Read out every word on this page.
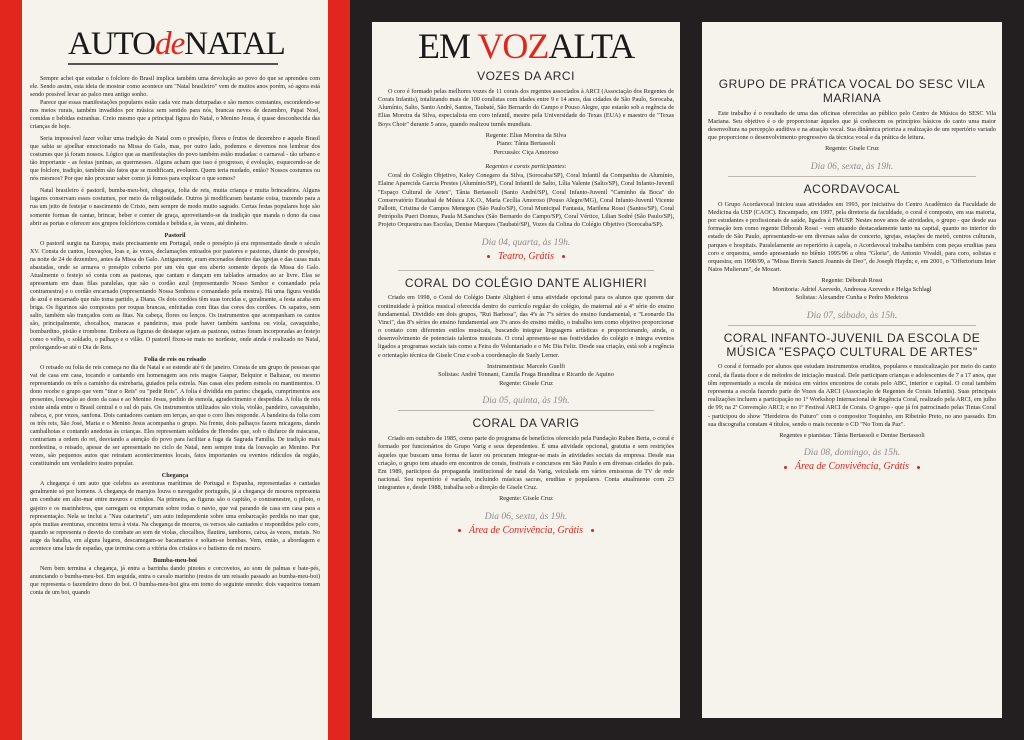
AUTOdeNATAL

Sempre achei que estudar o folclore do Brasil implica também uma devolução ao povo do que se aprendeu com ele. Sendo assim, esta ideia de mostrar como acontece um "Natal brasileiro" vem de muitos anos porém, só agora está sendo possível levar ao palco meu antigo sonho.

Parece que essas manifestações populares estão cada vez mais deturpadas e são menos constantes, escondendo-se nos meios rurais, também invadidos por música sem sentido para nós, brancas neves de dezembro, Papai Noel, comidas e bebidas estranhas. Creio mesmo que a principal figura do Natal, o Menino Jesus, é quase desconhecida das crianças de hoje.

Seria impossível fazer voltar uma tradição de Natal com o presépio, flores e frutos de dezembro e aquele Brasil que sabia se ajoelhar emocionado na Missa do Galo, mas, por outro lado, podemos e devemos nos lembrar dos costumes que já foram nossos. Lógico que as manifestações do povo também estão mudadas: o carnaval - tão urbano e tão importante - as festas juninas, as quermesses. Alguns acham que isso é progresso, é evolução, esquecendo-se de que folclore, tradição, também são fatos que se modificam, evoluem. Quem teria mudado, então? Nossos costumes ou nós mesmos? Por que não procurar saber como já fomos para explicar o que somos?

Natal brasileiro é pastoril, bumba-meu-boi, chegança, folia de reis, muita criança e muita brincadeira. Alguns lugares conservam esses costumes, por meio da religiosidade. Outros já modificaram bastante coisa, trazendo para a rua um jeito de festejar o nascimento de Cristo, nem sempre de modo muito sagrado. Certas festas populares hoje são somente formas de cantar, brincar, beber e comer de graça, aproveitando-se da tradição que manda o dono da casa abrir as portas e oferecer aos grupos folclóricos comida e bebida e, às vezes, até dinheiro.

Pastoril

O pastoril surgiu na Europa, mais precisamente em Portugal, onde o presépio já era representado desde o século XV. Consta de cantos, louvações, loas e, às vezes, declamações entoados por pastores e pastoras, diante do presépio, na noite de 24 de dezembro, antes da Missa do Galo. Antigamente, eram encenados dentro das igrejas e das casas mais abastadas, onde se armava o presépio coberto por um véu que era aberto somente depois da Missa do Galo. Atualmente o festejo só conta com as pastoras, que cantam e dançam em tablados armados ao ar livre. Elas se apresentam em duas filas paralelas, que são o cordão azul (representando Nosso Senhor e comandado pela contramestra) e o cordão encarnado (representando Nossa Senhora e comandado pela mestra). Há uma figura vestida de azul e encarnado que não toma partido, a Diana. Os dois cordões têm suas torcidas e, geralmente, a festa acaba em briga. Os figurinos são compostos por roupas brancas, enfeitadas com fitas das cores dos cordões. Os sapatos, sem salto, também são trançados com as fitas. Na cabeça, flores ou lenços. Os instrumentos que acompanham os cantos são, principalmente, chocalhos, maracas e pandeiros, mas pode haver também sanfona ou viola, cavaquinho, bombardino, pistão e trombone. Embora as figuras de destaque sejam as pastoras, outras foram incorporadas ao festejo como o velho, o soldado, o palhaço e o vilão. O pastoril fixou-se mais no nordeste, onde ainda é realizado no Natal, prolongando-se até o Dia de Reis.

Folia de reis ou reisado

O reisado ou folia de reis começa no dia de Natal e se estende até 6 de janeiro. Consta de um grupo de pessoas que vai de casa em casa, tocando e cantando em homenagem aos reis magos Gaspar, Belquior e Baltazar, ou mesmo representando os três a caminho da estrebaria, guiados pela estrela. Nas casas eles pedem esmola ou mantimentos. O dono recebe o grupo que vem "tirar o Reis" ou "pedir Reis". A folia é dividida em partes: chegada, cumprimentos aos presentes, louvação ao dono da casa e ao Menino Jesus, pedido de esmola, agradecimento e despedida. A folia de reis existe ainda entre o Brasil central e o sul do país. Os instrumentos utilizados são viola, violão, pandeiro, cavaquinho, rabeca, e, por vezes, sanfona. Dois cantadores cantam em terças, ao que o coro lhes responde. A bandeira da folia com os três reis, São José, Maria e o Menino Jesus acompanha o grupo. Na frente, dois palhaços fazem micagens, dando cambalhotas e contando anedotas às crianças. Eles representam soldados de Herodes que, sob o disfarce de máscaras, contrariam a ordem do rei, desviando a atenção do povo para facilitar a fuga da Sagrada Família. De tradição mais nordestina, o reisado, apesar de ser apresentado no ciclo de Natal, nem sempre trata da louvação ao Menino. Por vezes, são pequenos autos que retratam acontecimentos locais, fatos importantes ou eventos ridículos da região, constituindo um verdadeiro teatro popular.

Chegança

A chegança é um auto que celebra as aventuras marítimas de Portugal e Espanha, representadas e cantadas geralmente só por homens. A chegança de marujos louva o navegador português, já a chegança de mouros representa um combate em alto-mar entre mouros e cristãos. Na primeira, as figuras são o capitão, o contramestre, o piloto, o gajeiro e os marinheiros, que carregam ou empurram sobre rodas o navio, que vai parando de casa em casa para a representação. Nela se inclui a "Nau catarineta", um auto independente sobre uma embarcação perdida no mar que, após muitas aventuras, encontra terra à vista. Na chegança de mouros, os versos são cantados e respondidos pelo coro, quando se representa o desvio do combate ao som de violas, chocalhos, flautins, tambores, caixa, às vezes, metais. No auge da batalha, em alguns lugares, descamegam-se bacamartes e soltam-se bombas. Vem, então, a abordagem e acontece uma luta de espadas, que termina com a vitória dos cristãos e o batismo de rei mouro.

Bumba-meu-boi

Nem bem termina a chegança, já entra a barrinha dando pinotes e corcoveios, ao som de palmas e bate-pés, anunciando o bumba-meu-boi. Em seguida, entra o cavalo marinho (restos de um reisado passado ao bumba-meu-boi) que representa o fazendeiro dono do boi. O bumba-meu-boi gira em torno do seguinte enredo: dois vaqueiros tomam conta de um boi, quando

EM VOZALTA
VOZES DA ARCI

O coro é formado pelas melhores vozes de 11 corais dos regentes associados à ARCI (Associação dos Regentes de Corais Infantis), totalizando mais de 100 coralistas com idades entre 9 e 14 anos, das cidades de São Paulo, Sorocaba, Alumínio, Salto, Santo André, Santos, Taubaté, São Bernardo do Campo e Pouso Alegre, que estarão sob a regência de Elias Moreira da Silva, especialista em coro infantil, mestre pela Universidade do Texas (EUA) e maestro de "Texas Boys Choir" durante 5 anos, quando realizou turnês mundiais.

Regente: Elias Moreira da Silva
Piano: Tânia Bertassoli
Percussão: Ciça Amoroso
Regentes e corais participantes:

Coral do Colégio Objetivo, Keley Conegero da Silva, (Sorocaba/SP), Coral Infantil da Companhia de Alumínio, Elaine Aparecida Garcia Prestes (Alumínio/SP), Coral Infantil de Salto, Lília Valente (Salto/SP), Coral Infanto-Juvenil "Espaço Cultural de Artes", Tânia Bertassoli (Santo André/SP), Coral Infanto-Juvenil "Caminho da Boca" do Conservatório Estadual de Música J.K.O., Maria Cecília Amoroso (Pouso Alegre/MG), Coral Infanto-Juvenil Vicente Pallotti, Cristina de Campos Menegon (São Paulo/SP), Coral Municipal Fantasia, Marilena Rossi (Santos/SP), Coral Petrópolis Pueri Domus, Paula M.Sanches (São Bernardo do Campo/SP), Coral Vértice, Lilian Sodré (São Paulo/SP), Projeto Orquestra nas Escolas, Denise Marques (Taubaté/SP), Vozes da Colina do Colégio Objetivo (Sorocaba/SP).

Dia 04, quarta, às 19h.
Teatro, Grátis
CORAL DO COLÉGIO DANTE ALIGHIERI

Criado em 1998, o Coral do Colégio Dante Alighieri é uma atividade opcional para os alunos que querem dar continuidade à prática musical oferecida dentro do currículo regular do colégio, do maternal até a 4ª série do ensino fundamental. Dividido em dois grupos, "Rui Barbosa", das 4ªs às 7ªs séries do ensino fundamental, e "Leonardo Da Vinci", das 8ªs séries do ensino fundamental aos 3ºs anos do ensino médio, o trabalho tem como objetivo proporcionar o contato com diferentes estilos musicais, buscando integrar linguagens artísticas e proporcionando, ainda, o desenvolvimento de potenciais talentos musicais. O coral apresenta-se nas festividades do colégio e integra eventos ligados a programas sociais tais como a Feira do Voluntariado e o Mc Dia Feliz. Desde sua criação, está sob a regência e orientação técnica de Gisele Cruz e sob a coordenação de Suely Lerner.

Instrumentista: Marcelo Guelfi
Solistas: André Tonnani, Camila Fraga Brandina e Ricardo de Aquino
Regente: Gisele Cruz
Dia 05, quinta, às 19h.
CORAL DA VARIG

Criado em outubro de 1985, como parte do programa de benefícios oferecido pela Fundação Ruben Berta, o coral é formado por funcionários do Grupo Varig e seus dependentes. É uma atividade opcional, gratuita e sem restrições àqueles que buscam uma forma de lazer ou procuram integrar-se mais às atividades sociais da empresa. Desde sua criação, o grupo tem atuado em encontros de corais, festivais e concursos em São Paulo e em diversas cidades do país. Em 1989, participou da propaganda institucional de natal da Varig, veiculada em vários emissoras de TV de rede nacional. Seu repertório é variado, incluindo músicas sacras, eruditas e populares. Conta atualmente com 23 integrantes e, desde 1988, trabalha sob a direção de Gisele Cruz.

Regente: Gisele Cruz
Dia 06, sexta, às 19h.
Área de Convivência, Grátis
GRUPO DE PRÁTICA VOCAL DO SESC VILA MARIANA

Este trabalho é o resultado de uma das oficinas oferecidas ao público pelo Centro de Música do SESC Vila Mariana. Seu objetivo é o de proporcionar àqueles que já conhecem os princípios básicos do canto uma maior desenvoltura na percepção auditiva e na atuação vocal. Sua dinâmica prioriza a realização de um repertório variado que proporcione o desenvolvimento progressivo da técnica vocal e da prática de leitura.

Regente: Gisele Cruz
Dia 06, sexta, às 19h.
ACORDAVOCAL

O Grupo Acordavocal iniciou suas atividades em 1993, por iniciativa do Centro Acadêmico da Faculdade de Medicina da USP (CAOC). Encampado, em 1997, pela diretoria da faculdade, o coral é composto, em sua maioria, por estudantes e profissionais de saúde, ligados à FMUSP. Nestes nove anos de atividades, o grupo - que desde sua formação tem como regente Déborah Rossi - vem atuando destacadamente tanto na capital, quanto no interior do estado de São Paulo, apresentando-se em diversas salas de concerto, igrejas, estações de metrô, centros culturais, parques e hospitais. Paralelamente ao repertório à capela, o Acordavocal trabalha também com peças eruditas para coro e orquestra, sendo apresentado no biênio 1995/96 a obra "Gloria", de Antonio Vivaldi, para coro, solistas e orquestra; em 1998/99, a "Missa Brevis Sancti Joannis de Deo", de Joseph Haydn; e, em 2001, o "Offertorium Inter Natos Mulierum", de Mozart.

Regente: Déborah Rossi
Monitoria: Adriel Azevedo, Andressa Azevedo e Helga Schlagl
Solistas: Alexandre Cunha e Pedro Medeiros
Dia 07, sábado, às 15h.
CORAL INFANTO-JUVENIL DA ESCOLA DE MÚSICA "ESPAÇO CULTURAL DE ARTES"

O coral é formado por alunos que estudam instrumentos eruditos, populares e musicalização por meio do canto coral, da flauta doce e de métodos de iniciação musical. Dele participam crianças e adolescentes de 7 a 17 anos, que têm representado a escola de música em vários encontros de corais pelo ABC, interior e capital. O coral também representa a escola fazendo parte do Vozes da ARCI (Associação de Regentes de Corais Infantis). Suas principais realizações incluem a participação no 1º Workshop Internacional de Regência Coral, realizado pela ARCI, em julho de 99; na 2ª Convenção ARCI; e no 1º Festival ARCI de Corais. O grupo - que já foi patrocinado pelas Tintas Coral - participou do show "Herdeiros do Futuro" com o compositor Toquinho, em Ribeirão Preto, no ano passado. Em sua discografia constam 4 títulos, sendo o mais recente o CD "No Tom da Paz".

Regentes e pianistas: Tânia Bertassoli e Denise Bertassoli
Dia 08, domingo, às 15h.
Área de Convivência, Grátis
